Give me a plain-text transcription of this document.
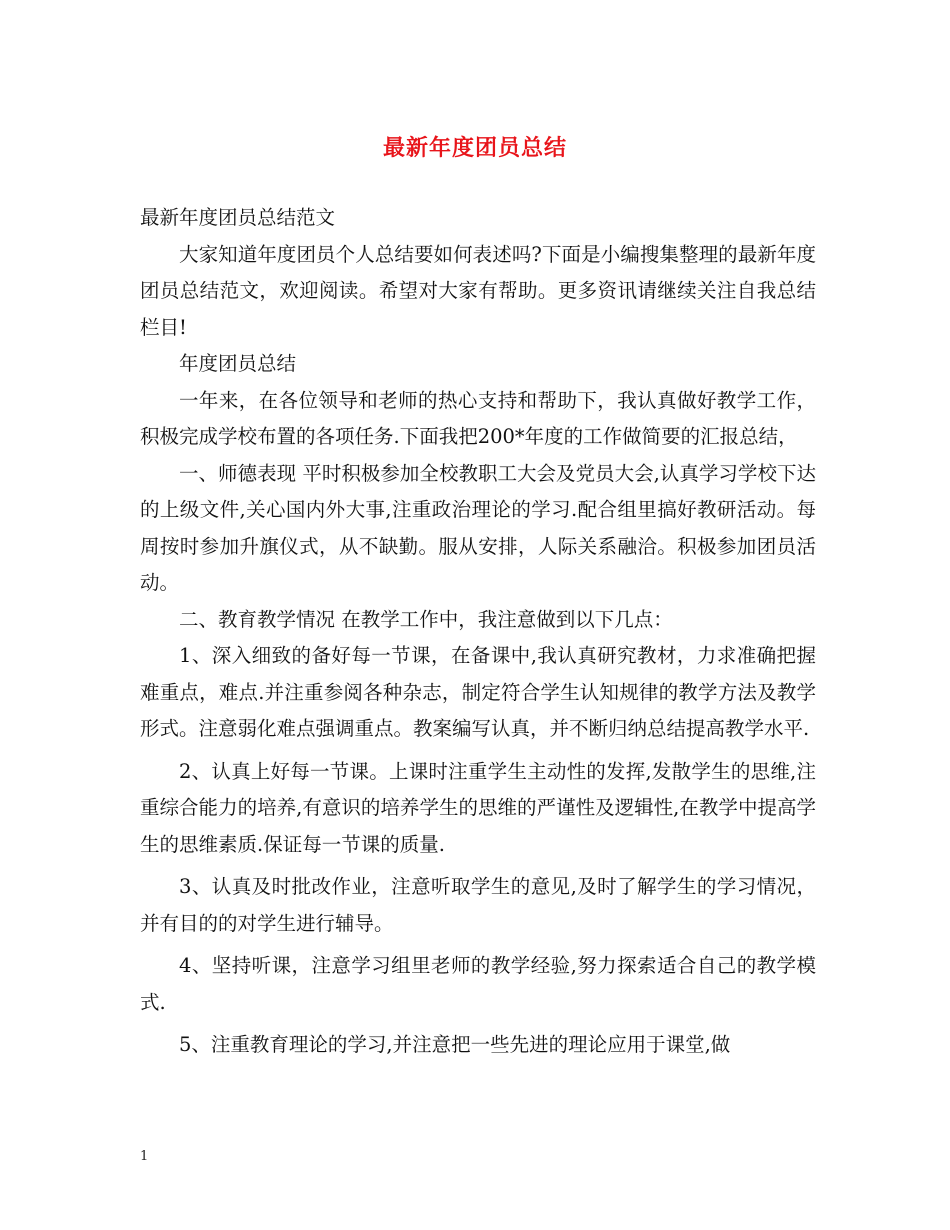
最新年度团员总结

最新年度团员总结范文

大家知道年度团员个人总结要如何表述吗?下面是小编搜集整理的最新年度团员总结范文，欢迎阅读。希望对大家有帮助。更多资讯请继续关注自我总结栏目!

年度团员总结

一年来，在各位领导和老师的热心支持和帮助下，我认真做好教学工作，积极完成学校布置的各项任务.下面我把200*年度的工作做简要的汇报总结，

一、师德表现 平时积极参加全校教职工大会及党员大会,认真学习学校下达的上级文件,关心国内外大事,注重政治理论的学习.配合组里搞好教研活动。每周按时参加升旗仪式，从不缺勤。服从安排，人际关系融洽。积极参加团员活动。

二、教育教学情况 在教学工作中，我注意做到以下几点：

1、深入细致的备好每一节课，在备课中,我认真研究教材，力求准确把握难重点，难点.并注重参阅各种杂志，制定符合学生认知规律的教学方法及教学形式。注意弱化难点强调重点。教案编写认真，并不断归纳总结提高教学水平.

2、认真上好每一节课。上课时注重学生主动性的发挥,发散学生的思维,注重综合能力的培养,有意识的培养学生的思维的严谨性及逻辑性,在教学中提高学生的思维素质.保证每一节课的质量.

3、认真及时批改作业，注意听取学生的意见,及时了解学生的学习情况，并有目的的对学生进行辅导。

4、坚持听课，注意学习组里老师的教学经验,努力探索适合自己的教学模式.

5、注重教育理论的学习,并注意把一些先进的理论应用于课堂,做

1
